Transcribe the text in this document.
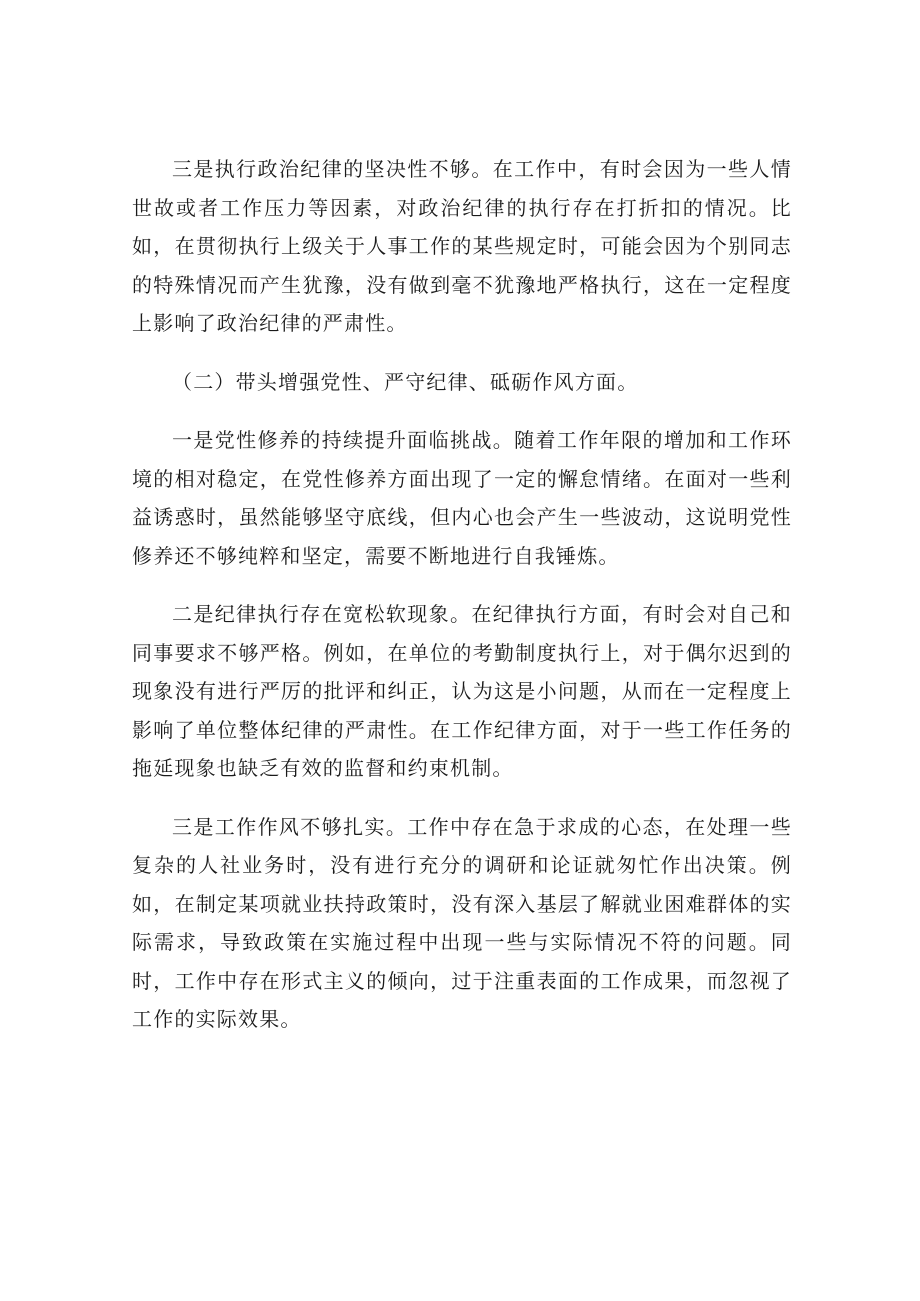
三是执行政治纪律的坚决性不够。在工作中，有时会因为一些人情世故或者工作压力等因素，对政治纪律的执行存在打折扣的情况。比如，在贯彻执行上级关于人事工作的某些规定时，可能会因为个别同志的特殊情况而产生犹豫，没有做到毫不犹豫地严格执行，这在一定程度上影响了政治纪律的严肃性。

（二）带头增强党性、严守纪律、砥砺作风方面。

一是党性修养的持续提升面临挑战。随着工作年限的增加和工作环境的相对稳定，在党性修养方面出现了一定的懈怠情绪。在面对一些利益诱惑时，虽然能够坚守底线，但内心也会产生一些波动，这说明党性修养还不够纯粹和坚定，需要不断地进行自我锤炼。

二是纪律执行存在宽松软现象。在纪律执行方面，有时会对自己和同事要求不够严格。例如，在单位的考勤制度执行上，对于偶尔迟到的现象没有进行严厉的批评和纠正，认为这是小问题，从而在一定程度上影响了单位整体纪律的严肃性。在工作纪律方面，对于一些工作任务的拖延现象也缺乏有效的监督和约束机制。

三是工作作风不够扎实。工作中存在急于求成的心态，在处理一些复杂的人社业务时，没有进行充分的调研和论证就匆忙作出决策。例如，在制定某项就业扶持政策时，没有深入基层了解就业困难群体的实际需求，导致政策在实施过程中出现一些与实际情况不符的问题。同时，工作中存在形式主义的倾向，过于注重表面的工作成果，而忽视了工作的实际效果。
